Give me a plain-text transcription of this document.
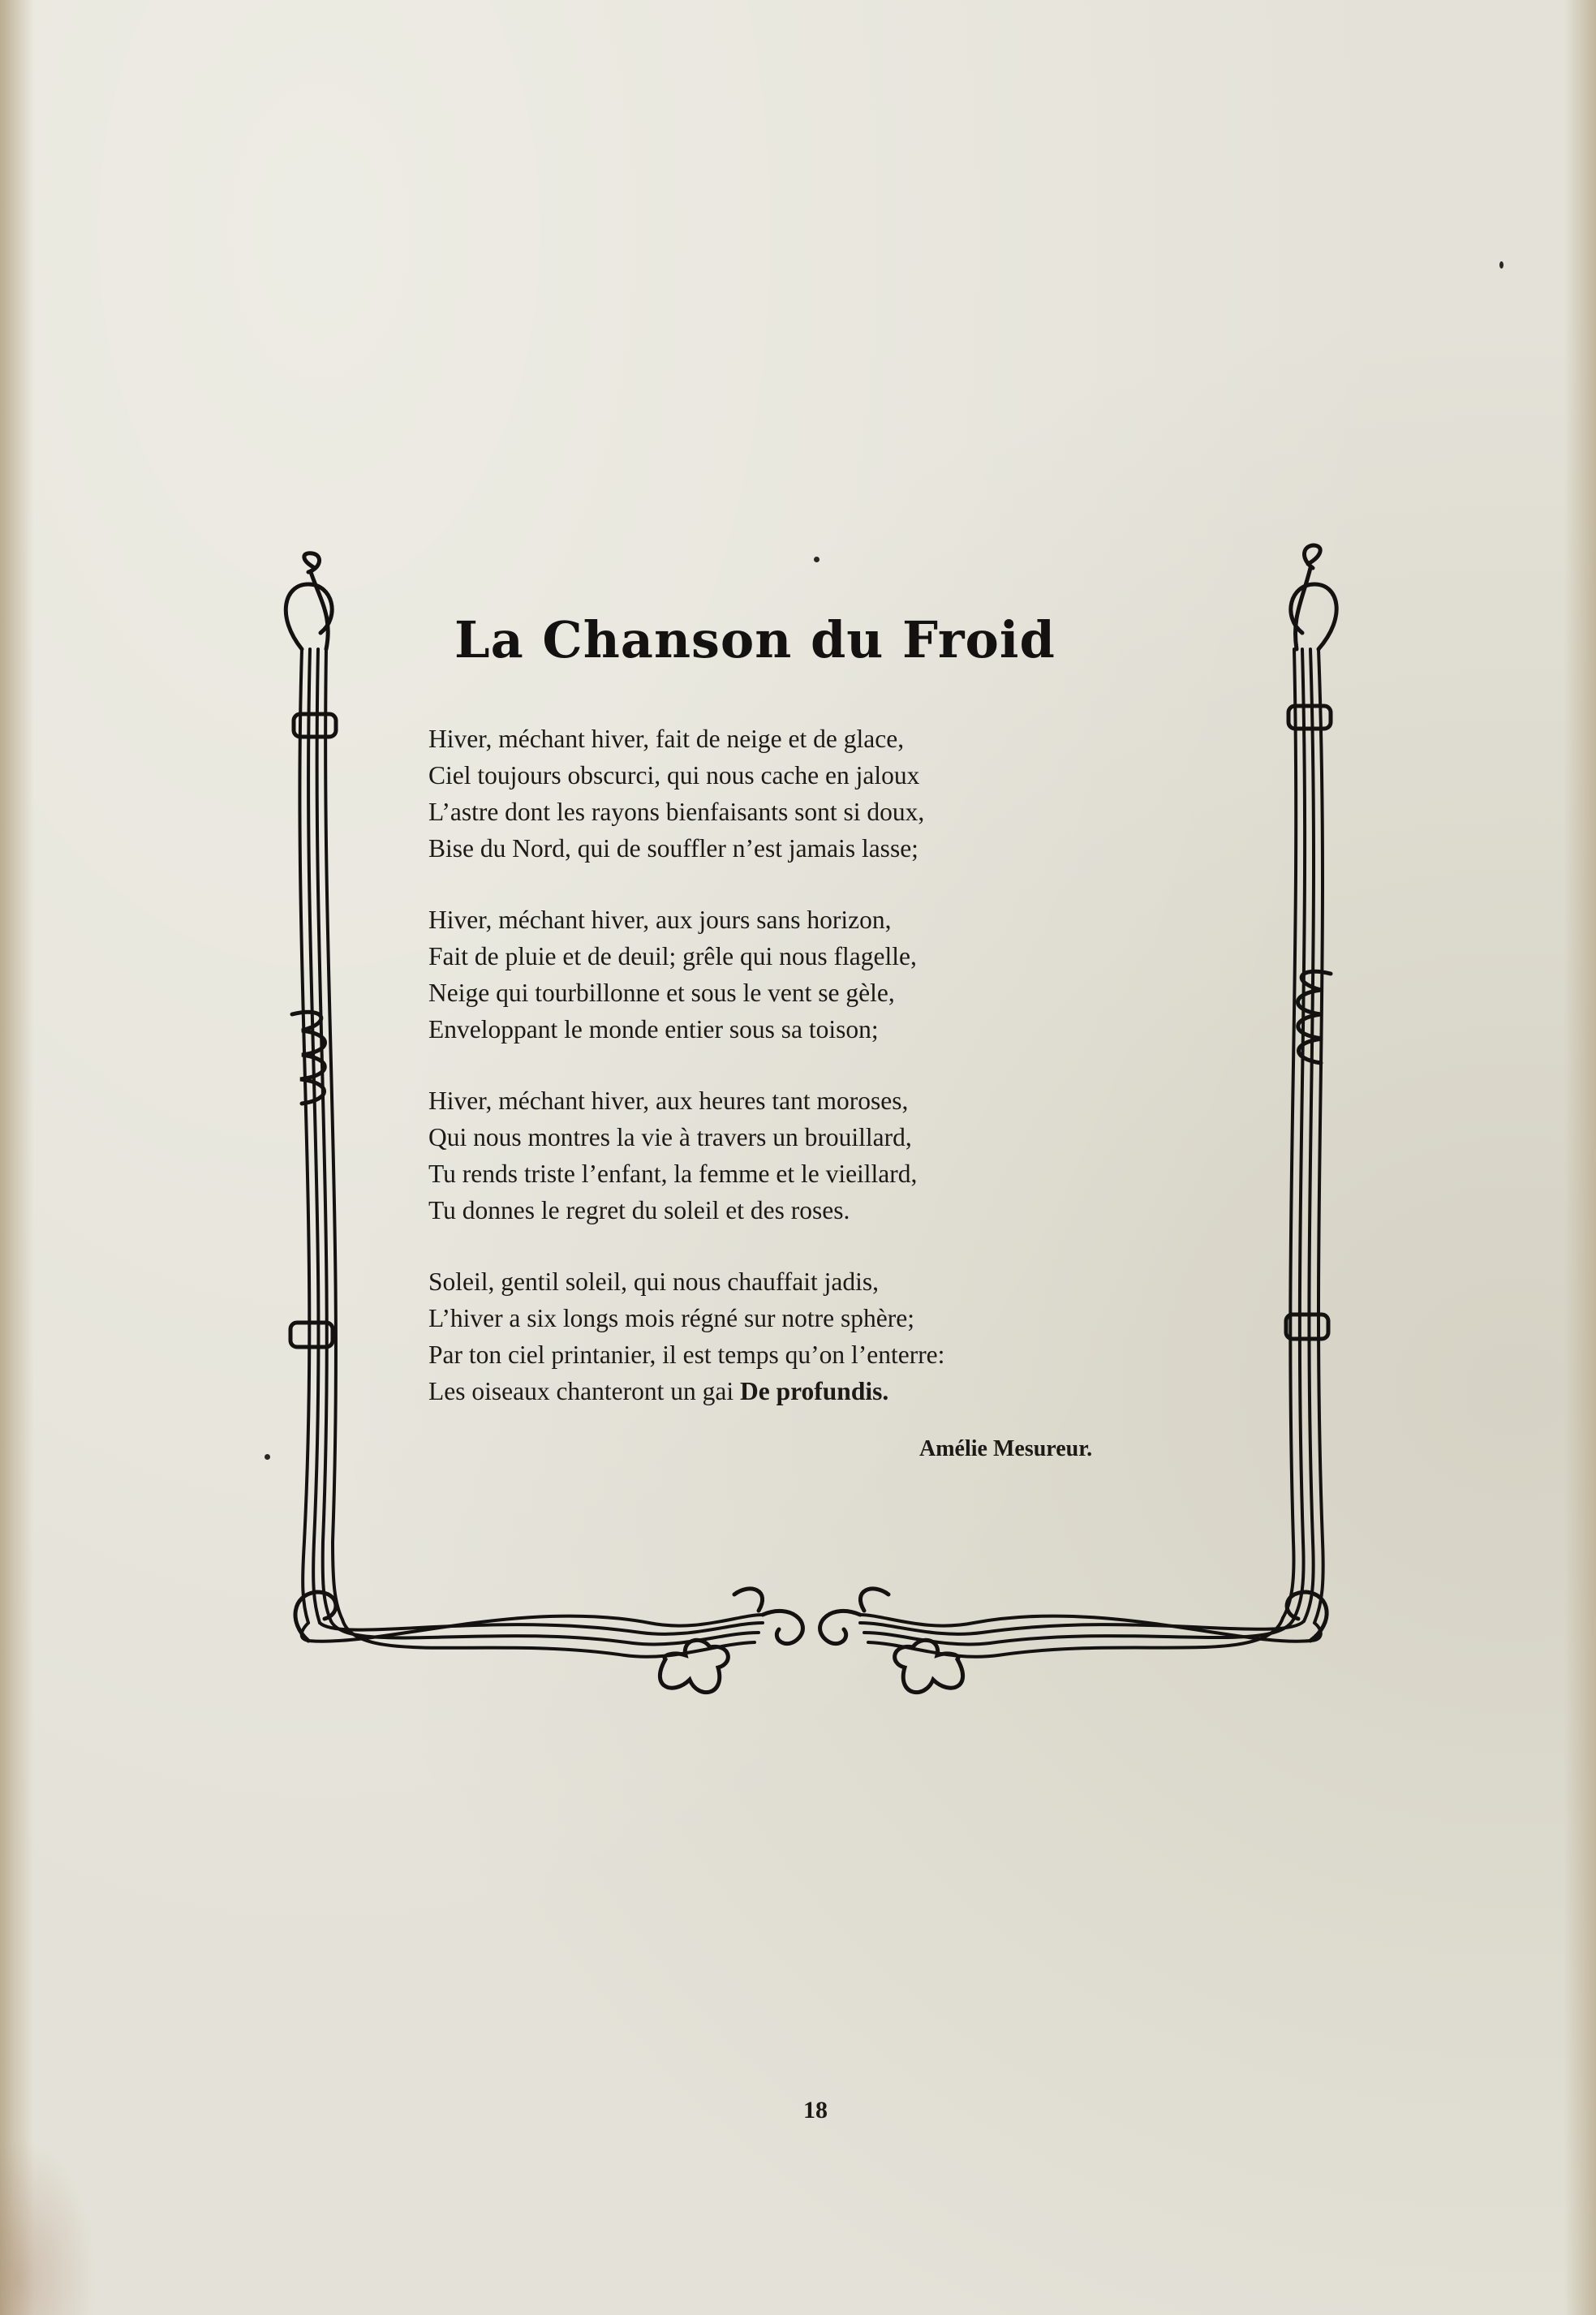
La Chanson du Froid
Hiver, méchant hiver, fait de neige et de glace,
Ciel toujours obscurci, qui nous cache en jaloux
L’astre dont les rayons bienfaisants sont si doux,
Bise du Nord, qui de souffler n’est jamais lasse;
Hiver, méchant hiver, aux jours sans horizon,
Fait de pluie et de deuil; grêle qui nous flagelle,
Neige qui tourbillonne et sous le vent se gèle,
Enveloppant le monde entier sous sa toison;
Hiver, méchant hiver, aux heures tant moroses,
Qui nous montres la vie à travers un brouillard,
Tu rends triste l’enfant, la femme et le vieillard,
Tu donnes le regret du soleil et des roses.
Soleil, gentil soleil, qui nous chauffait jadis,
L’hiver a six longs mois régné sur notre sphère;
Par ton ciel printanier, il est temps qu’on l’enterre:
Les oiseaux chanteront un gai De profundis.
Amélie Mesureur.
18
